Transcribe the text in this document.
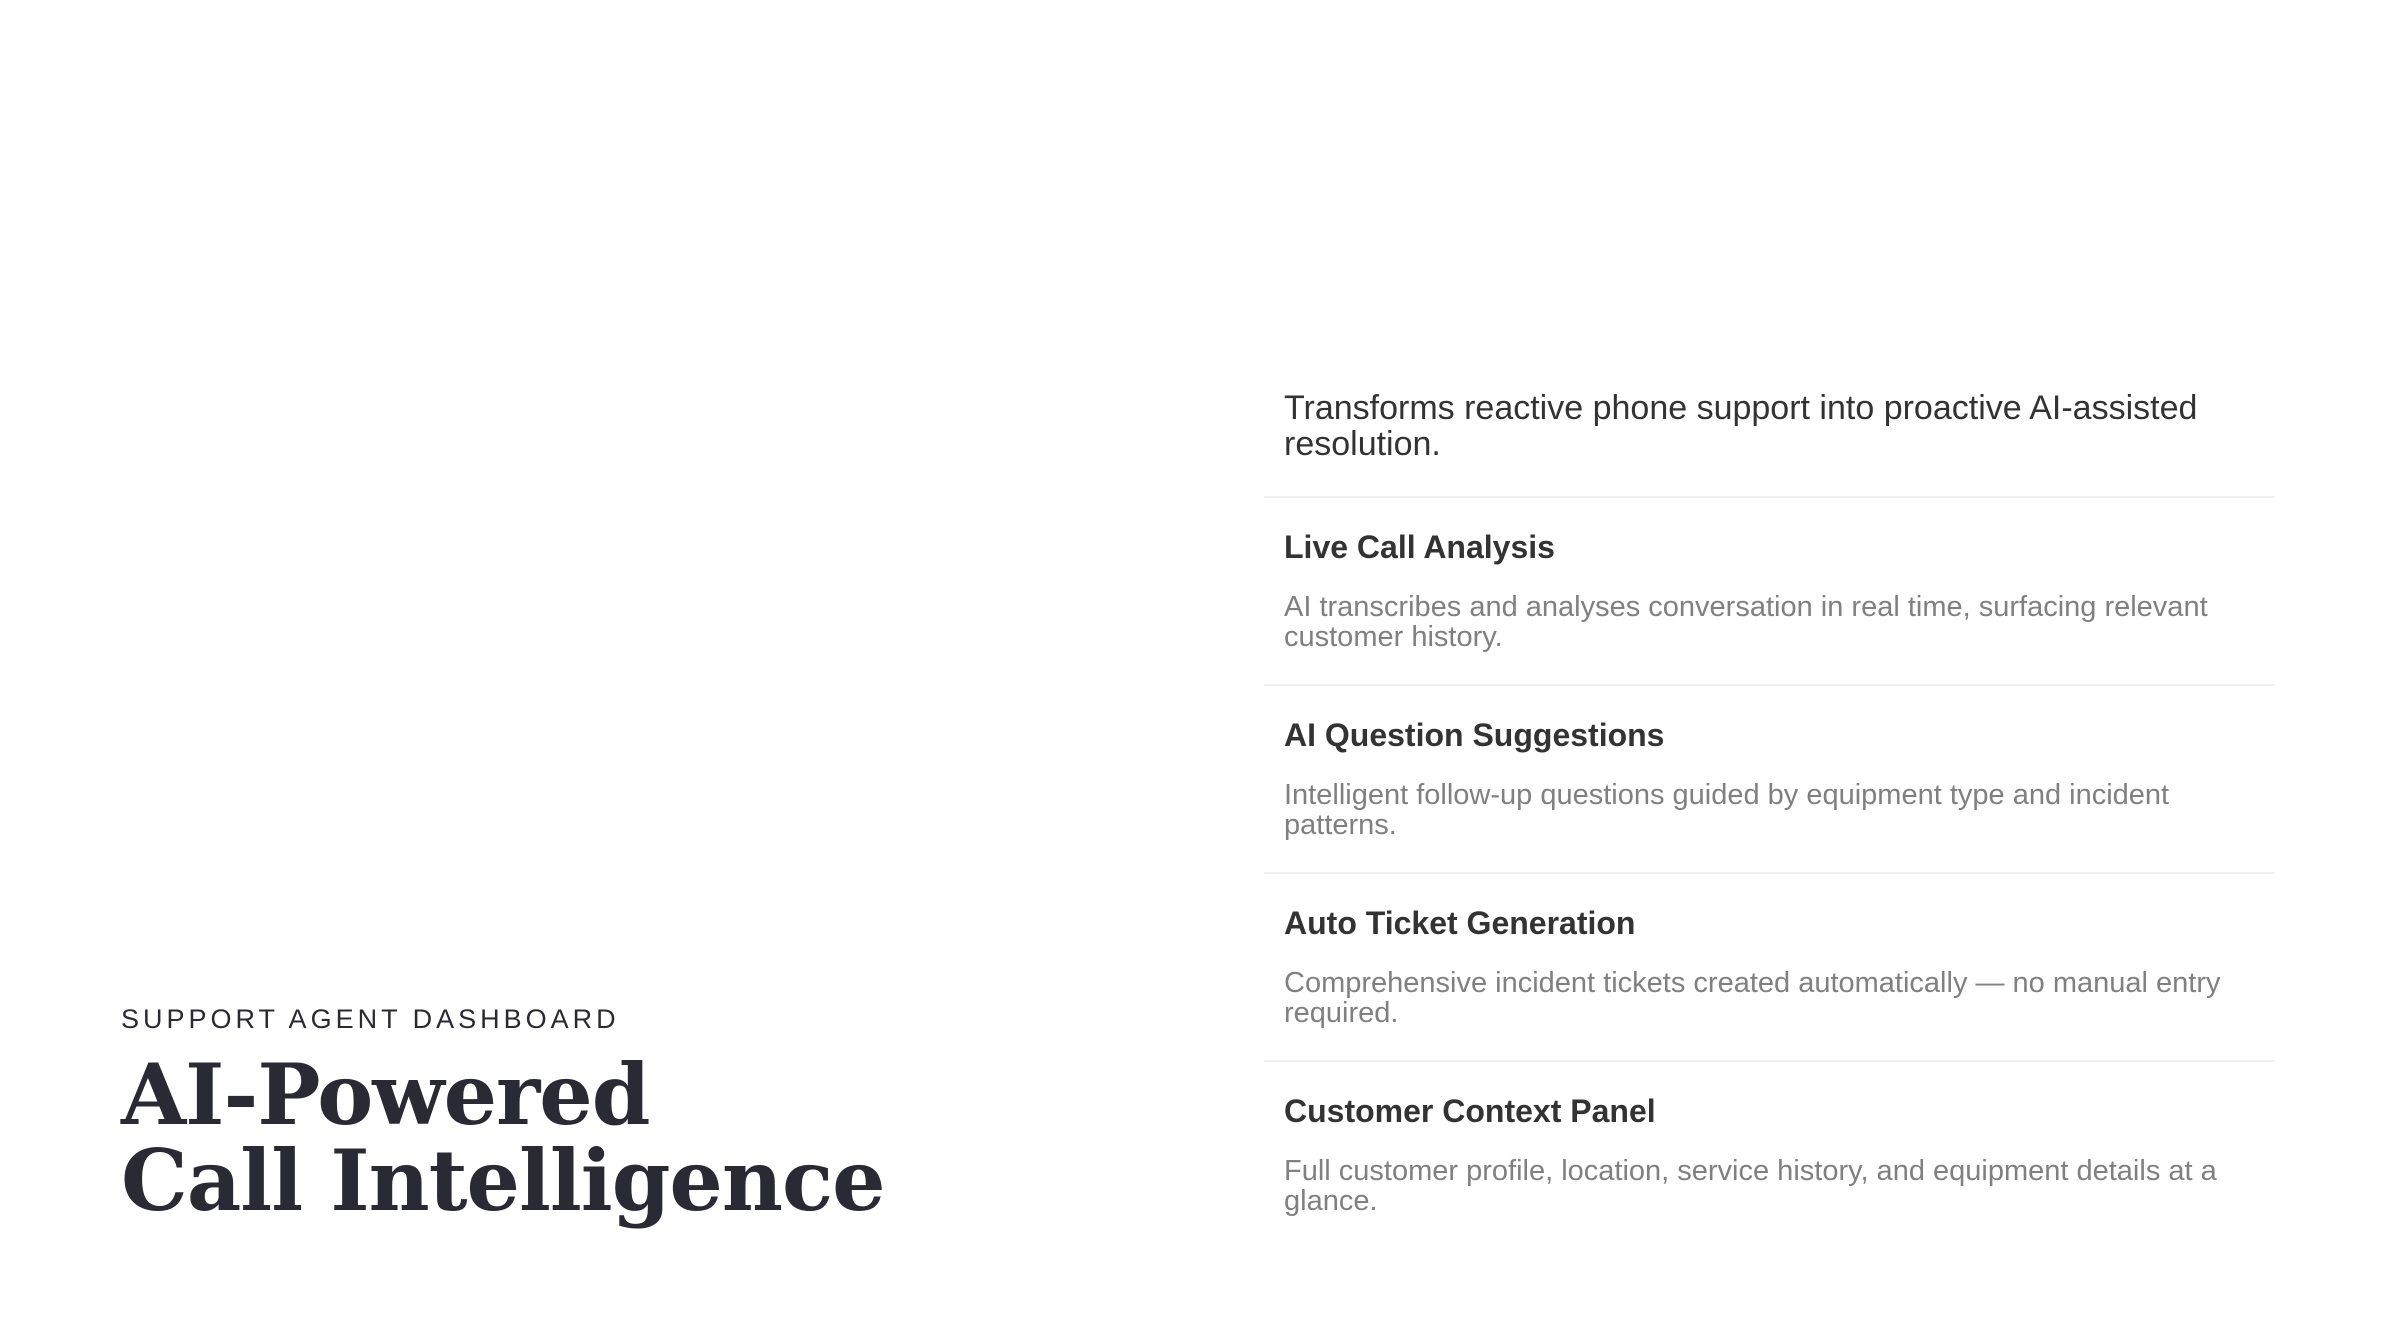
SUPPORT AGENT DASHBOARD
AI-Powered
Call Intelligence

Transforms reactive phone support into proactive AI-assisted resolution.

Live Call Analysis

AI transcribes and analyses conversation in real time, surfacing relevant customer history.

AI Question Suggestions

Intelligent follow-up questions guided by equipment type and incident patterns.

Auto Ticket Generation

Comprehensive incident tickets created automatically — no manual entry required.

Customer Context Panel

Full customer profile, location, service history, and equipment details at a glance.
